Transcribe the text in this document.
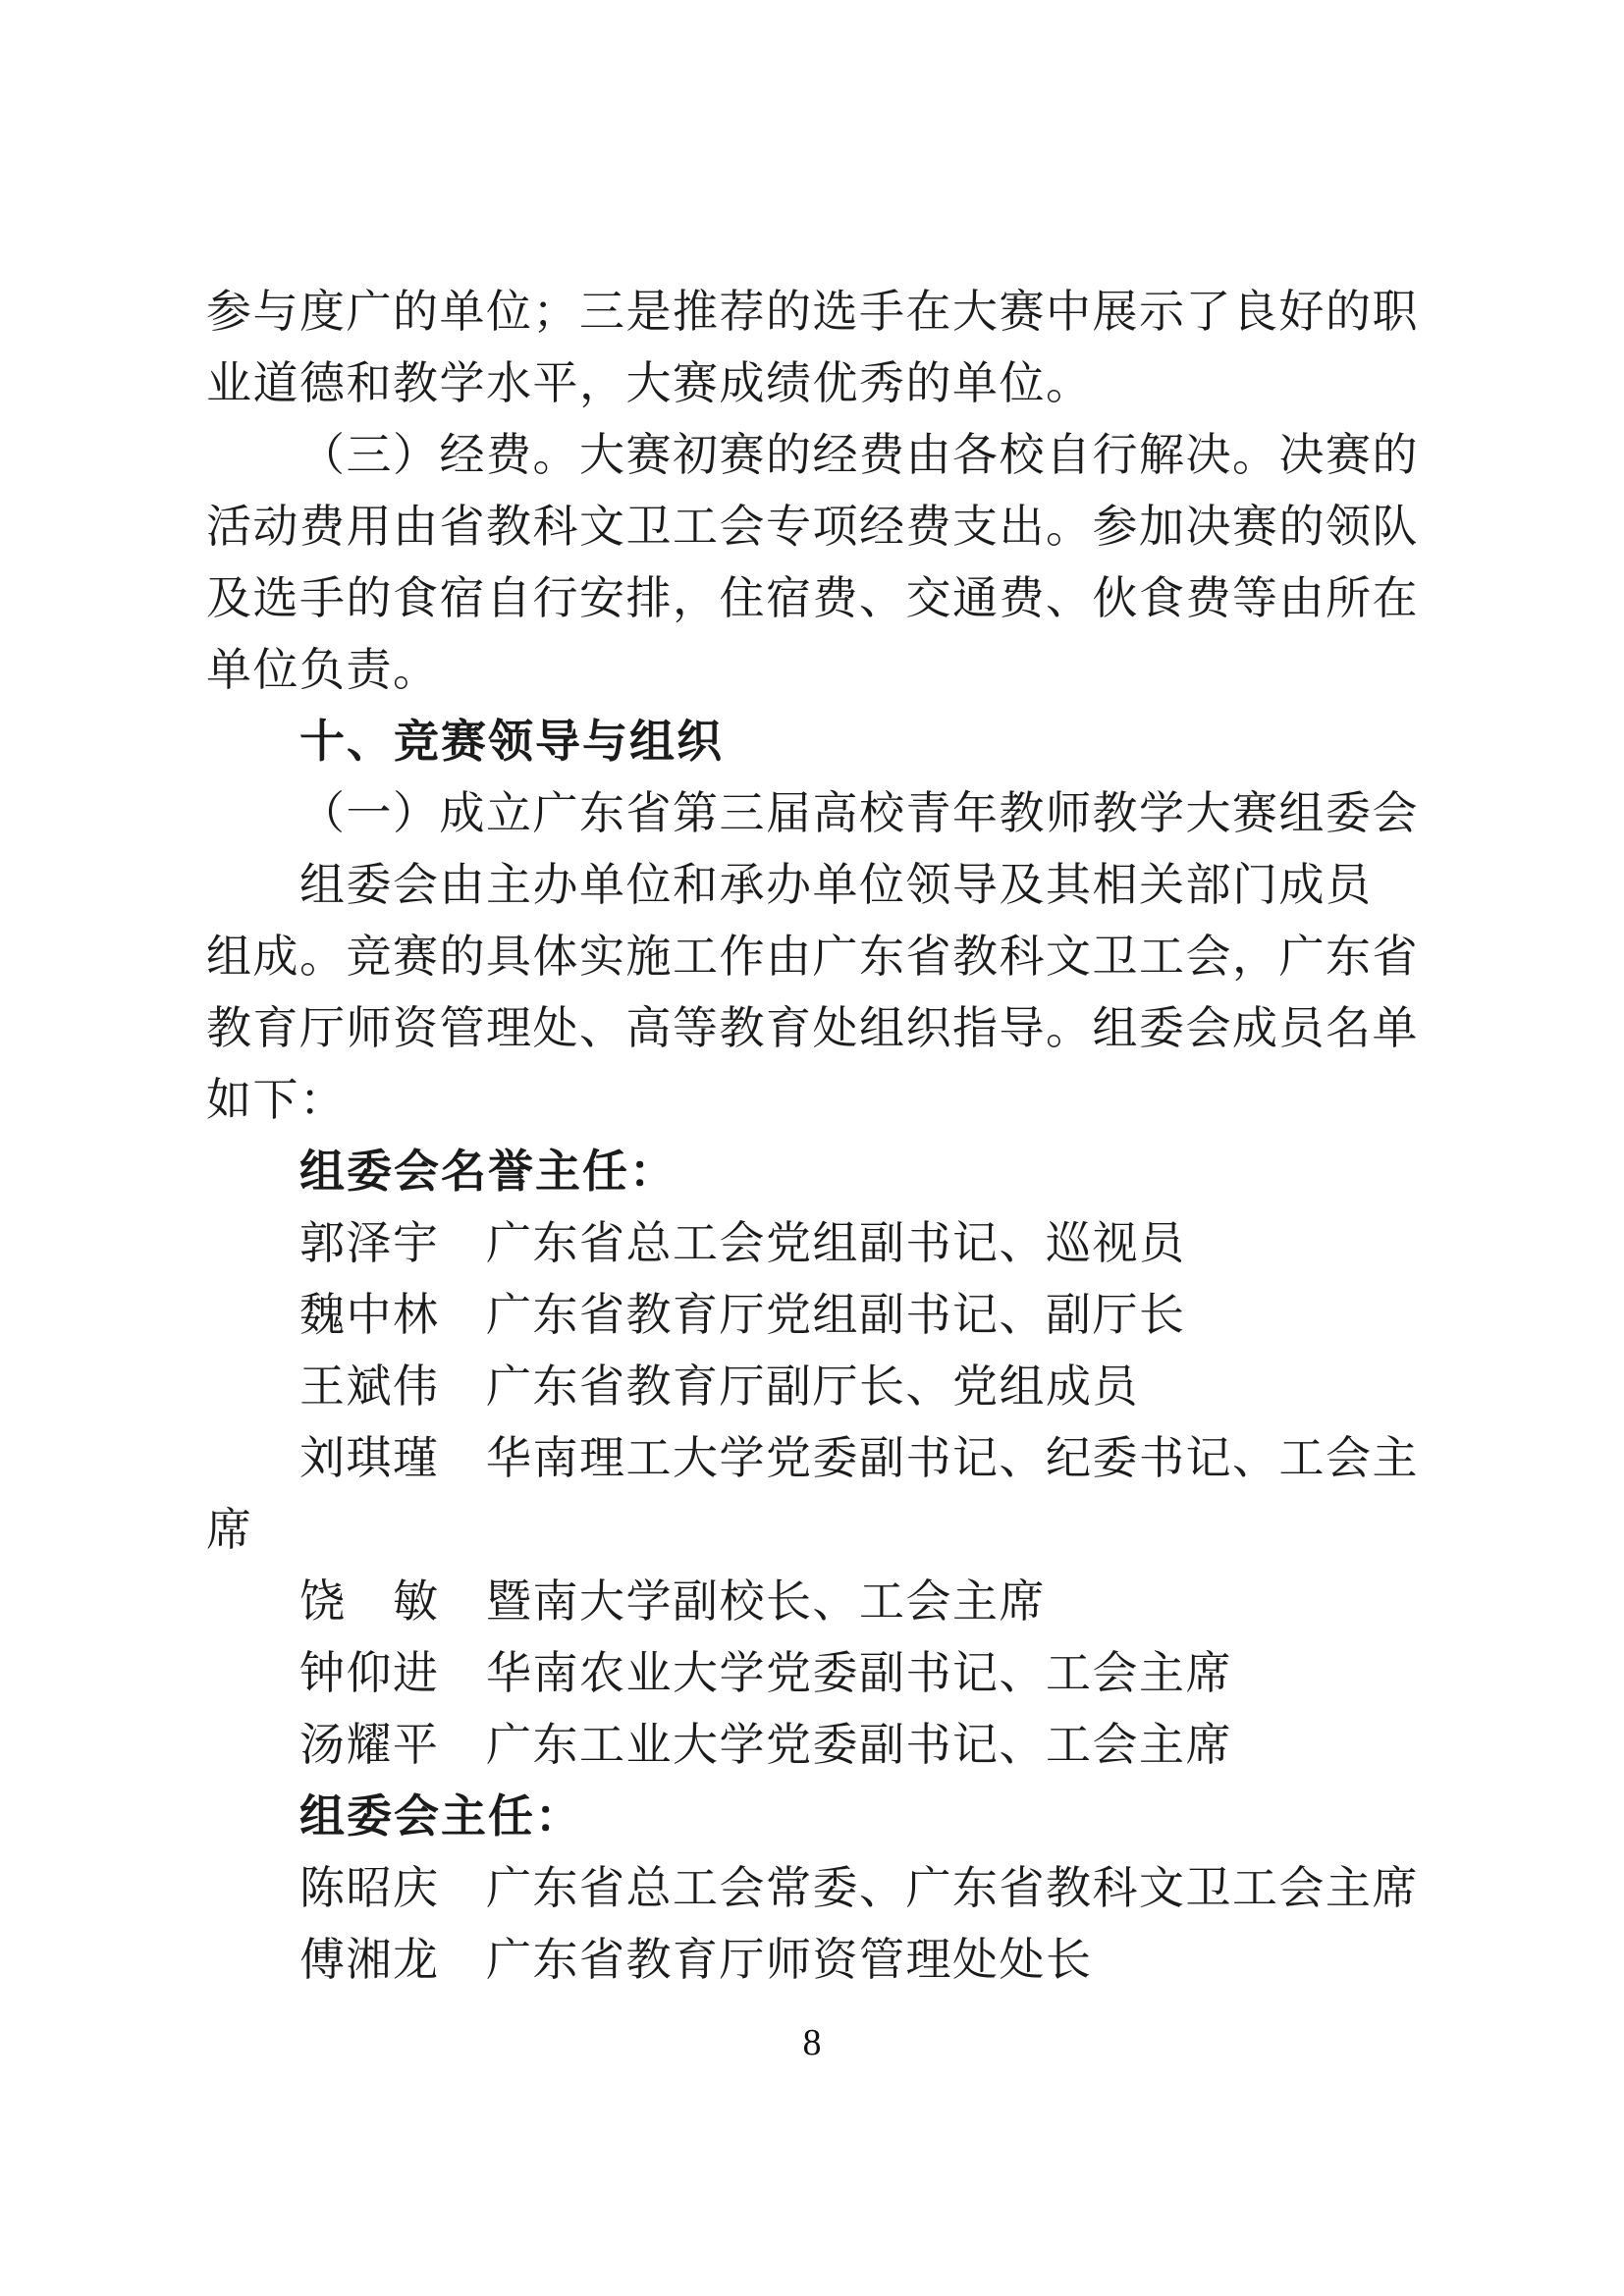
参与度广的单位；三是推荐的选手在大赛中展示了良好的职
业道德和教学水平，大赛成绩优秀的单位。
（三）经费。大赛初赛的经费由各校自行解决。决赛的
活动费用由省教科文卫工会专项经费支出。参加决赛的领队
及选手的食宿自行安排，住宿费、交通费、伙食费等由所在
单位负责。
十、竞赛领导与组织
（一）成立广东省第三届高校青年教师教学大赛组委会
组委会由主办单位和承办单位领导及其相关部门成员
组成。竞赛的具体实施工作由广东省教科文卫工会，广东省
教育厅师资管理处、高等教育处组织指导。组委会成员名单
如下：
组委会名誉主任：
郭泽宇　广东省总工会党组副书记、巡视员
魏中林　广东省教育厅党组副书记、副厅长
王斌伟　广东省教育厅副厅长、党组成员
刘琪瑾　华南理工大学党委副书记、纪委书记、工会主
席
饶　敏　暨南大学副校长、工会主席
钟仰进　华南农业大学党委副书记、工会主席
汤耀平　广东工业大学党委副书记、工会主席
组委会主任：
陈昭庆　广东省总工会常委、广东省教科文卫工会主席
傅湘龙　广东省教育厅师资管理处处长
8
